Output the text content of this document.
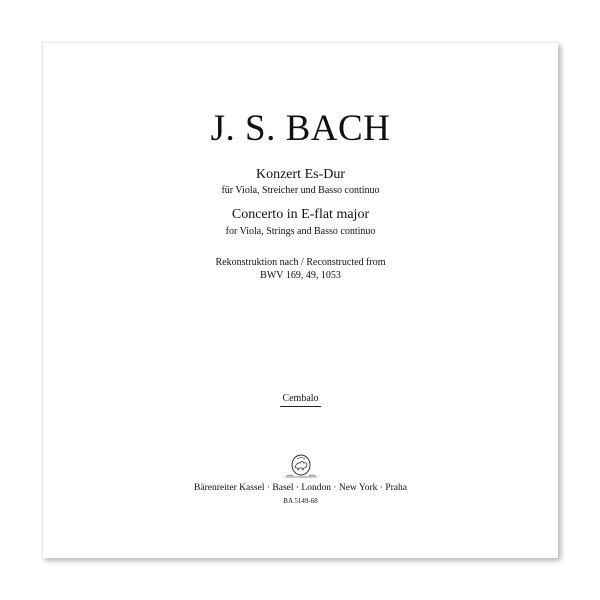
J. S. BACH
Konzert Es-Dur
für Viola, Streicher und Basso continuo
Concerto in E-flat major
for Viola, Strings and Basso continuo
Rekonstruktion nach / Reconstructed from
BWV 169, 49, 1053
Cembalo
Bärenreiter Kassel · Basel · London · New York · Praha
BA 5149-68
